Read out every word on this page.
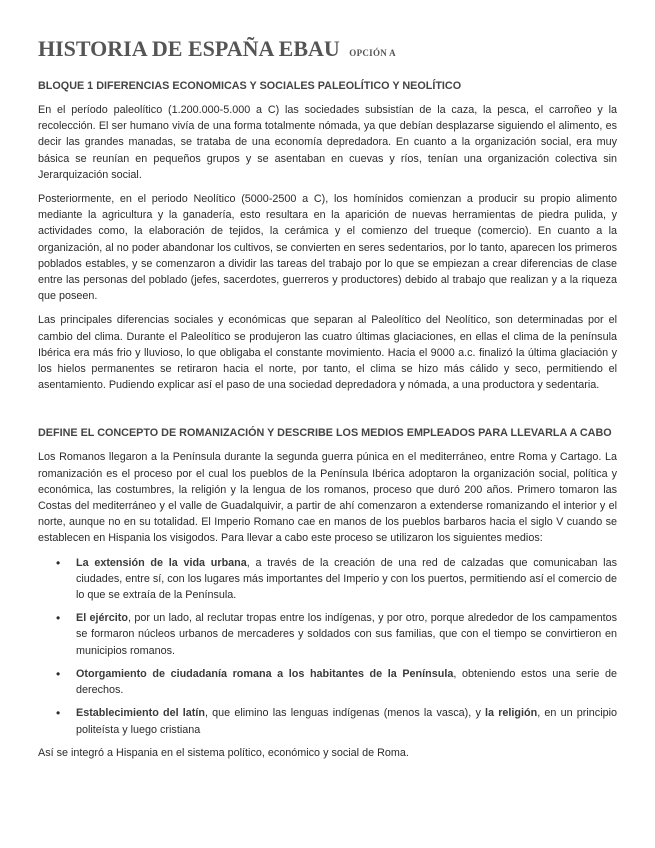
HISTORIA DE ESPAÑA EBAU OPCIÓN A
BLOQUE 1 DIFERENCIAS ECONOMICAS Y SOCIALES PALEOLÍTICO Y NEOLÍTICO

En el período paleolítico (1.200.000-5.000 a C) las sociedades subsistían de la caza, la pesca, el carroñeo y la recolección. El ser humano vivía de una forma totalmente nómada, ya que debían desplazarse siguiendo el alimento, es decir las grandes manadas, se trataba de una economía depredadora. En cuanto a la organización social, era muy básica se reunían en pequeños grupos y se asentaban en cuevas y ríos, tenían una organización colectiva sin Jerarquización social.

Posteriormente, en el periodo Neolítico (5000-2500 a C), los homínidos comienzan a producir su propio alimento mediante la agricultura y la ganadería, esto resultara en la aparición de nuevas herramientas de piedra pulida, y actividades como, la elaboración de tejidos, la cerámica y el comienzo del trueque (comercio). En cuanto a la organización, al no poder abandonar los cultivos, se convierten en seres sedentarios, por lo tanto, aparecen los primeros poblados estables, y se comenzaron a dividir las tareas del trabajo por lo que se empiezan a crear diferencias de clase entre las personas del poblado (jefes, sacerdotes, guerreros y productores) debido al trabajo que realizan y a la riqueza que poseen.

Las principales diferencias sociales y económicas que separan al Paleolítico del Neolítico, son determinadas por el cambio del clima. Durante el Paleolítico se produjeron las cuatro últimas glaciaciones, en ellas el clima de la península Ibérica era más frio y lluvioso, lo que obligaba el constante movimiento. Hacia el 9000 a.c. finalizó la última glaciación y los hielos permanentes se retiraron hacia el norte, por tanto, el clima se hizo más cálido y seco, permitiendo el asentamiento. Pudiendo explicar así el paso de una sociedad depredadora y nómada, a una productora y sedentaria.

DEFINE EL CONCEPTO DE ROMANIZACIÓN Y DESCRIBE LOS MEDIOS EMPLEADOS PARA LLEVARLA A CABO

Los Romanos llegaron a la Península durante la segunda guerra púnica en el mediterráneo, entre Roma y Cartago. La romanización es el proceso por el cual los pueblos de la Península Ibérica adoptaron la organización social, política y económica, las costumbres, la religión y la lengua de los romanos, proceso que duró 200 años. Primero tomaron las Costas del mediterráneo y el valle de Guadalquivir, a partir de ahí comenzaron a extenderse romanizando el interior y el norte, aunque no en su totalidad. El Imperio Romano cae en manos de los pueblos barbaros hacia el siglo V cuando se establecen en Hispania los visigodos. Para llevar a cabo este proceso se utilizaron los siguientes medios:

• La extensión de la vida urbana, a través de la creación de una red de calzadas que comunicaban las ciudades, entre sí, con los lugares más importantes del Imperio y con los puertos, permitiendo así el comercio de lo que se extraía de la Península.
• El ejército, por un lado, al reclutar tropas entre los indígenas, y por otro, porque alrededor de los campamentos se formaron núcleos urbanos de mercaderes y soldados con sus familias, que con el tiempo se convirtieron en municipios romanos.
• Otorgamiento de ciudadanía romana a los habitantes de la Península, obteniendo estos una serie de derechos.
• Establecimiento del latín, que elimino las lenguas indígenas (menos la vasca), y la religión, en un principio politeísta y luego cristiana

Así se integró a Hispania en el sistema político, económico y social de Roma.
